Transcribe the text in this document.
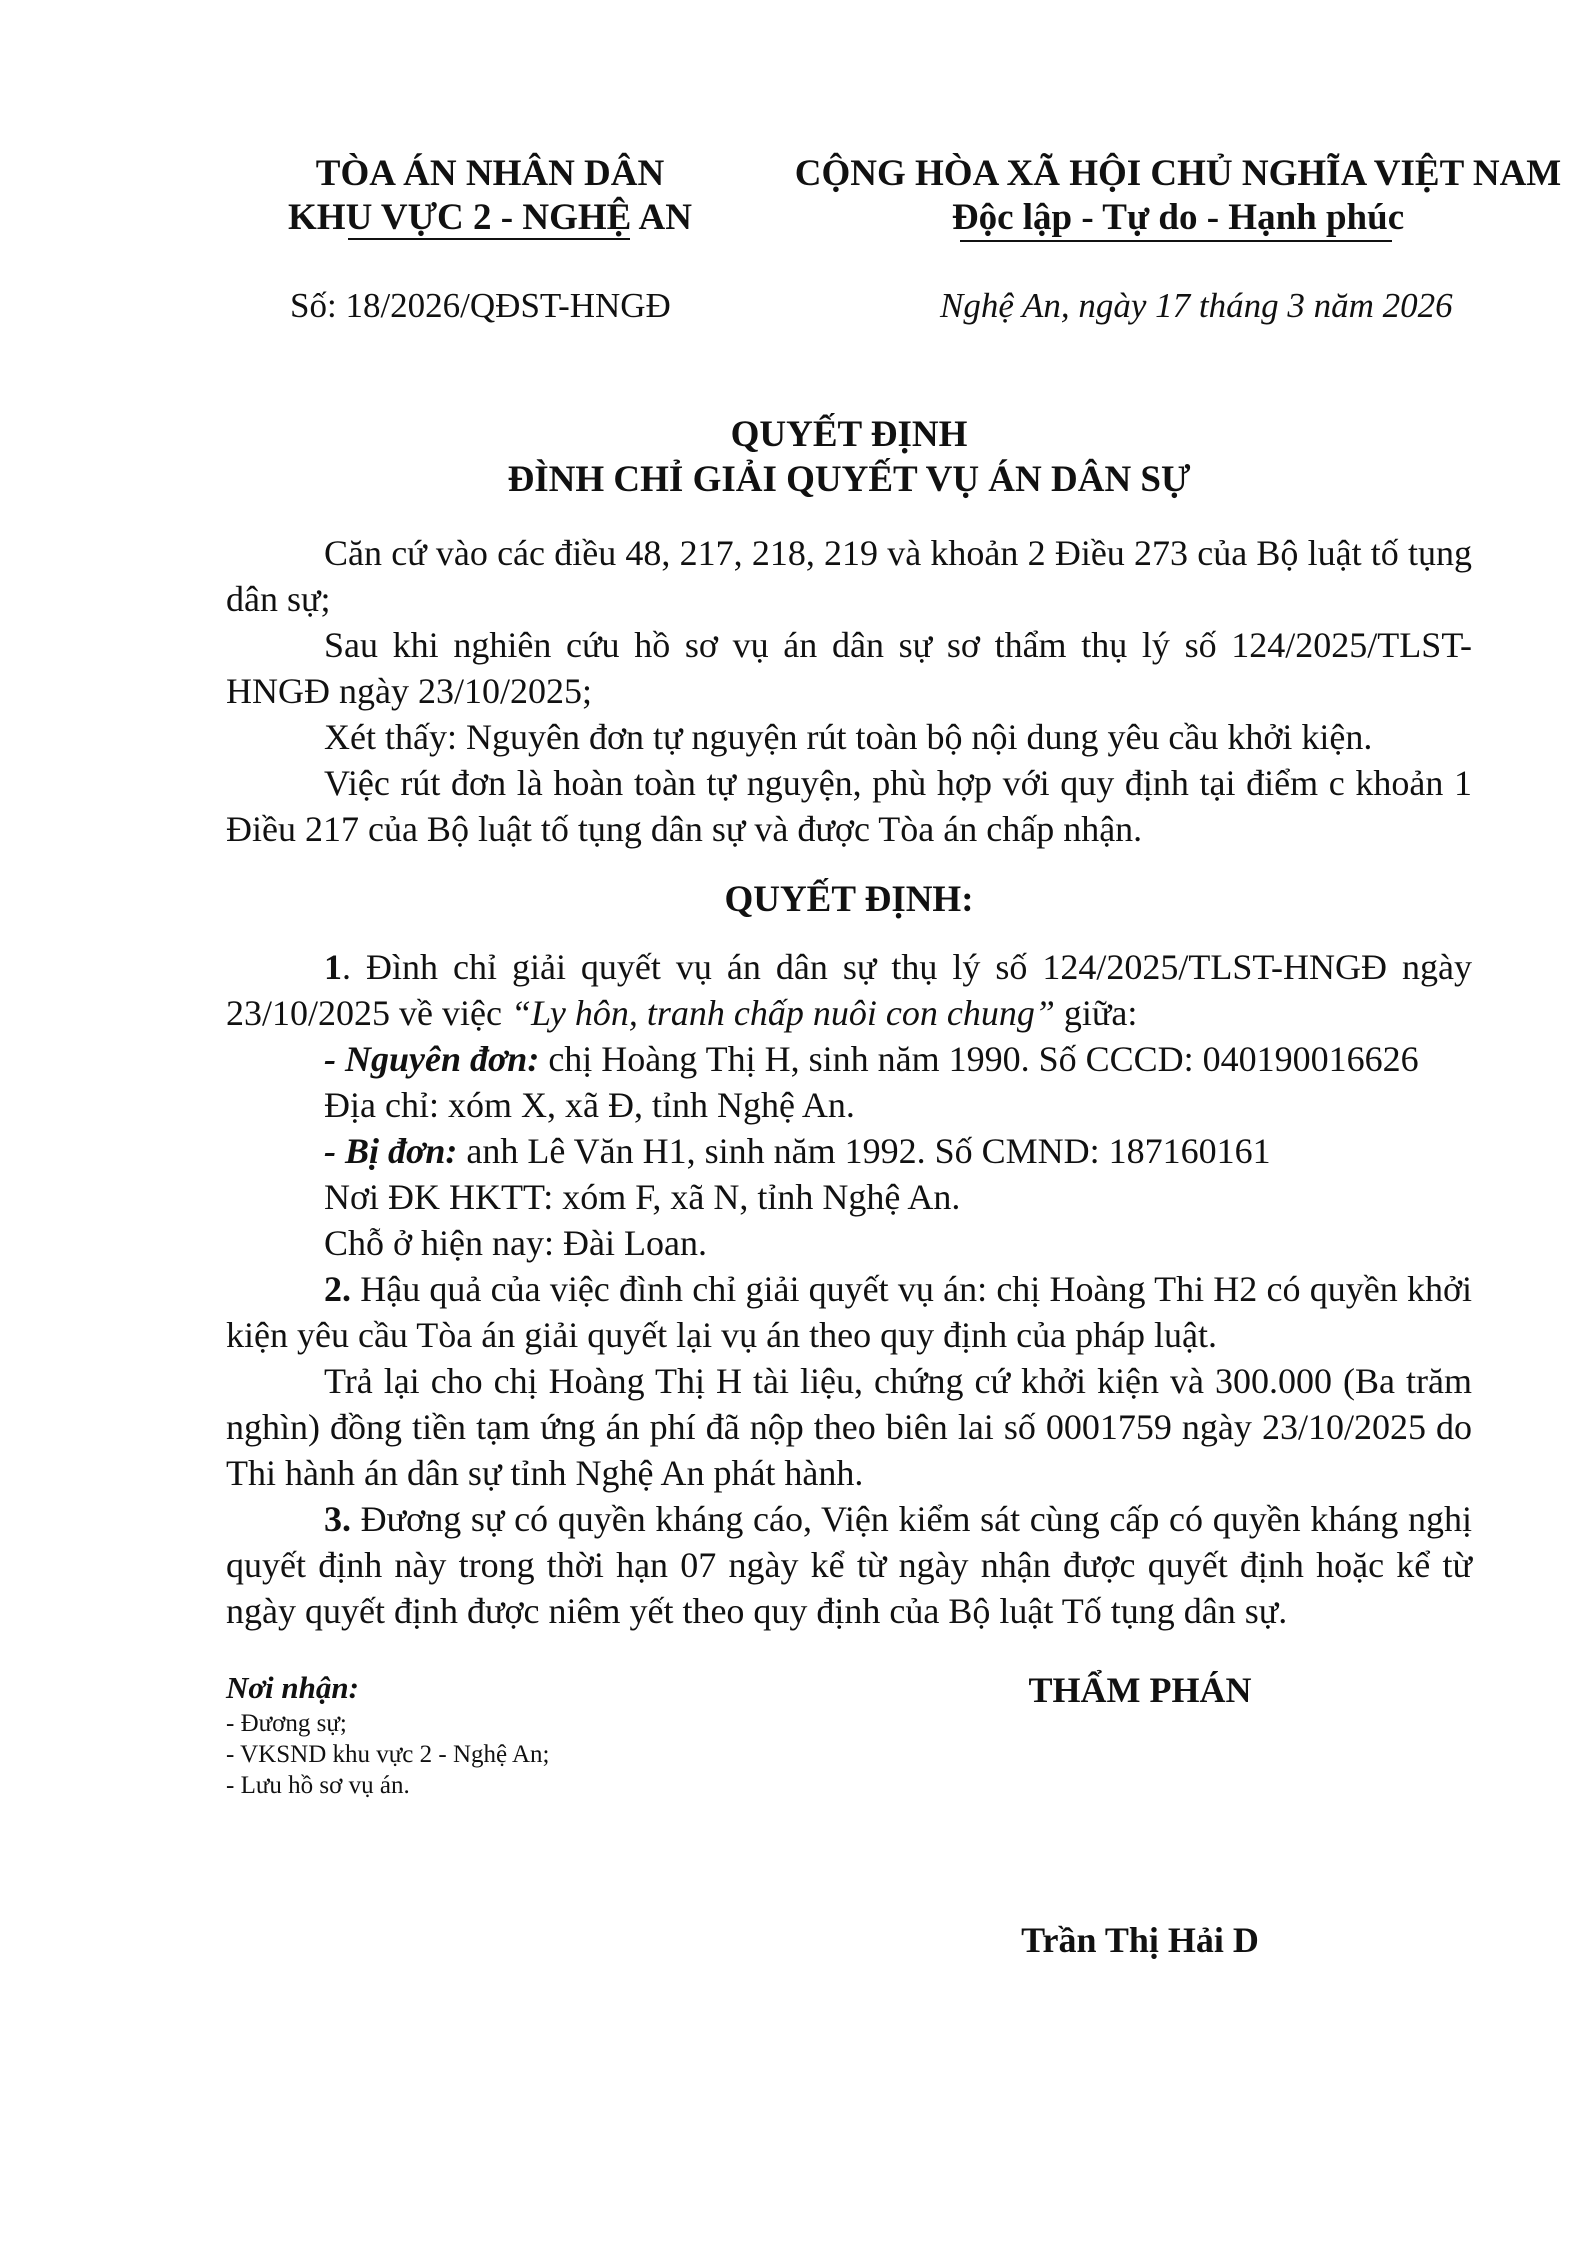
TÒA ÁN NHÂN DÂN
KHU VỰC 2 - NGHỆ AN
CỘNG HÒA XÃ HỘI CHỦ NGHĨA VIỆT NAM
Độc lập - Tự do - Hạnh phúc
Số: 18/2026/QĐST-HNGĐ	Nghệ An, ngày 17 tháng 3 năm 2026
QUYẾT ĐỊNH
ĐÌNH CHỈ GIẢI QUYẾT VỤ ÁN DÂN SỰ

Căn cứ vào các điều 48, 217, 218, 219 và khoản 2 Điều 273 của Bộ luật tố tụng dân sự;

Sau khi nghiên cứu hồ sơ vụ án dân sự sơ thẩm thụ lý số 124/2025/TLST-HNGĐ ngày 23/10/2025;

Xét thấy: Nguyên đơn tự nguyện rút toàn bộ nội dung yêu cầu khởi kiện.

Việc rút đơn là hoàn toàn tự nguyện, phù hợp với quy định tại điểm c khoản 1 Điều 217 của Bộ luật tố tụng dân sự và được Tòa án chấp nhận.

QUYẾT ĐỊNH:

1. Đình chỉ giải quyết vụ án dân sự thụ lý số 124/2025/TLST-HNGĐ ngày 23/10/2025 về việc “Ly hôn, tranh chấp nuôi con chung” giữa:

- Nguyên đơn: chị Hoàng Thị H, sinh năm 1990. Số CCCD: 040190016626

Địa chỉ: xóm X, xã Đ, tỉnh Nghệ An.

- Bị đơn: anh Lê Văn H1, sinh năm 1992. Số CMND: 187160161

Nơi ĐK HKTT: xóm F, xã N, tỉnh Nghệ An.

Chỗ ở hiện nay: Đài Loan.

2. Hậu quả của việc đình chỉ giải quyết vụ án: chị Hoàng Thi H2 có quyền khởi kiện yêu cầu Tòa án giải quyết lại vụ án theo quy định của pháp luật.

Trả lại cho chị Hoàng Thị H tài liệu, chứng cứ khởi kiện và 300.000 (Ba trăm nghìn) đồng tiền tạm ứng án phí đã nộp theo biên lai số 0001759 ngày 23/10/2025 do Thi hành án dân sự tỉnh Nghệ An phát hành.

3. Đương sự có quyền kháng cáo, Viện kiểm sát cùng cấp có quyền kháng nghị quyết định này trong thời hạn 07 ngày kể từ ngày nhận được quyết định hoặc kể từ ngày quyết định được niêm yết theo quy định của Bộ luật Tố tụng dân sự.

Nơi nhận:
- Đương sự;
- VKSND khu vực 2 - Nghệ An;
- Lưu hồ sơ vụ án.
THẨM PHÁN
Trần Thị Hải D
